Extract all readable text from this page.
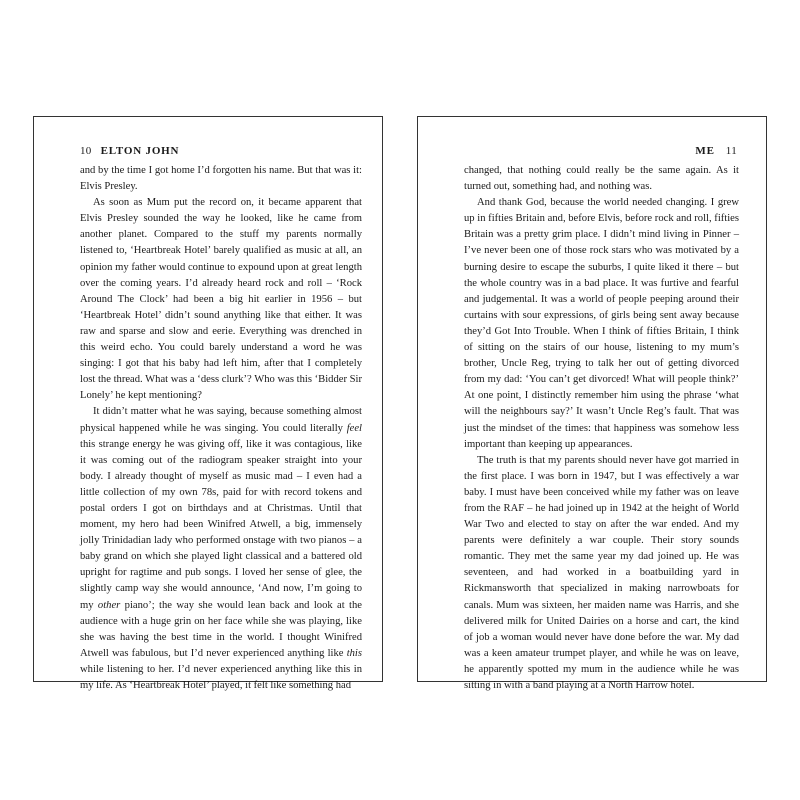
10 ELTON JOHN

and by the time I got home I’d forgotten his name. But that was it: Elvis Presley.

As soon as Mum put the record on, it became apparent that Elvis Presley sounded the way he looked, like he came from another planet. Compared to the stuff my parents normally listened to, ‘Heartbreak Hotel’ barely qualified as music at all, an opinion my father would continue to expound upon at great length over the coming years. I’d already heard rock and roll – ‘Rock Around The Clock’ had been a big hit earlier in 1956 – but ‘Heartbreak Hotel’ didn’t sound anything like that either. It was raw and sparse and slow and eerie. Everything was drenched in this weird echo. You could barely understand a word he was singing: I got that his baby had left him, after that I completely lost the thread. What was a ‘dess clurk’? Who was this ‘Bidder Sir Lonely’ he kept mentioning?

It didn’t matter what he was saying, because something almost physical happened while he was singing. You could literally feel this strange energy he was giving off, like it was contagious, like it was coming out of the radiogram speaker straight into your body. I already thought of myself as music mad – I even had a little collection of my own 78s, paid for with record tokens and postal orders I got on birthdays and at Christmas. Until that moment, my hero had been Winifred Atwell, a big, immensely jolly Trinidadian lady who performed onstage with two pianos – a baby grand on which she played light classical and a battered old upright for ragtime and pub songs. I loved her sense of glee, the slightly camp way she would announce, ‘And now, I’m going to my other piano’; the way she would lean back and look at the audience with a huge grin on her face while she was playing, like she was having the best time in the world. I thought Winifred Atwell was fabulous, but I’d never experienced anything like this while listening to her. I’d never experienced anything like this in my life. As ‘Heartbreak Hotel’ played, it felt like something had

ME 11

changed, that nothing could really be the same again. As it turned out, something had, and nothing was.

And thank God, because the world needed changing. I grew up in fifties Britain and, before Elvis, before rock and roll, fifties Britain was a pretty grim place. I didn’t mind living in Pinner – I’ve never been one of those rock stars who was motivated by a burning desire to escape the suburbs, I quite liked it there – but the whole country was in a bad place. It was furtive and fearful and judgemental. It was a world of people peeping around their curtains with sour expressions, of girls being sent away because they’d Got Into Trouble. When I think of fifties Britain, I think of sitting on the stairs of our house, listening to my mum’s brother, Uncle Reg, trying to talk her out of getting divorced from my dad: ‘You can’t get divorced! What will people think?’ At one point, I distinctly remember him using the phrase ‘what will the neighbours say?’ It wasn’t Uncle Reg’s fault. That was just the mindset of the times: that happiness was somehow less important than keeping up appearances.

The truth is that my parents should never have got married in the first place. I was born in 1947, but I was effectively a war baby. I must have been conceived while my father was on leave from the RAF – he had joined up in 1942 at the height of World War Two and elected to stay on after the war ended. And my parents were definitely a war couple. Their story sounds romantic. They met the same year my dad joined up. He was seventeen, and had worked in a boatbuilding yard in Rickmansworth that specialized in making narrowboats for canals. Mum was sixteen, her maiden name was Harris, and she delivered milk for United Dairies on a horse and cart, the kind of job a woman would never have done before the war. My dad was a keen amateur trumpet player, and while he was on leave, he apparently spotted my mum in the audience while he was sitting in with a band playing at a North Harrow hotel.
